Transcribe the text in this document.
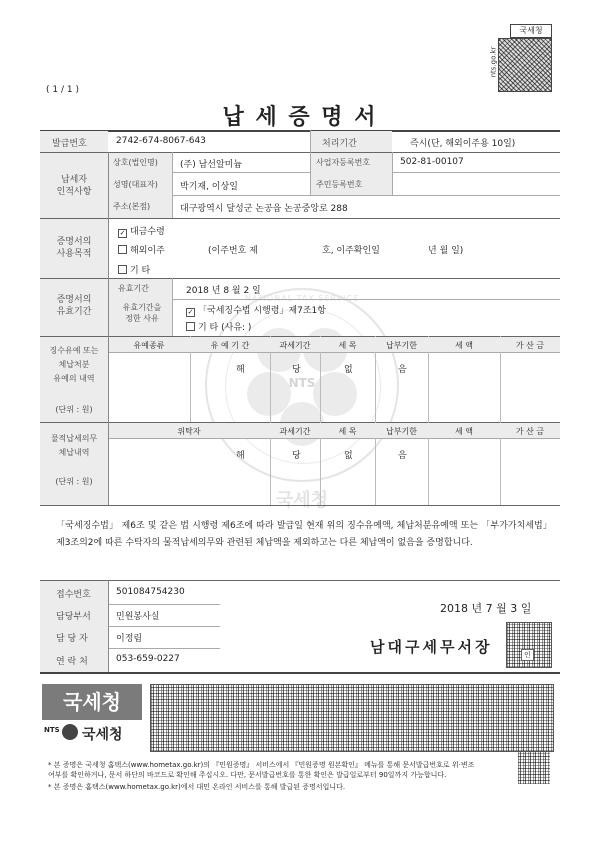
NTS
국세청
NATIONAL TAX SERVICE
( 1 / 1 )
납 세 증 명 서
nts.go.kr
국세청
발급번호	2742-674-8067-643	처리기간	즉시(단, 해외이주용 10일)
납세자
인적사항
상호(법인명) (주) 남선알미늄	사업자등록번호	502-81-00107
성명(대표자) 박기재, 이상일	주민등록번호
주소(본점)	대구광역시 달성군 논공읍 논공중앙로 288
증명서의
사용목적
✓ 대금수령
해외이주	(이주번호 제	호, 이주확인일	년 월 일)
기 타
증명서의
유효기간
유효기간	2018 년 8 월 2 일
유효기간을
정한 사유
✓ 「국세징수법 시행령」제7조1항
기 타 (사유: )
징수유예 또는
체납처분
유예의 내역
(단위 : 원)
유예종류	유 예 기 간	과세기간	세 목	납부기한	세 액	가 산 금
해	당	없	음
물적납세의무
체납내역
(단위 : 원)
위탁자	과세기간	세 목	납부기한	세 액	가 산 금
해	당	없	음
「국세징수법」 제6조 및 같은 법 시행령 제6조에 따라 발급일 현재 위의 징수유예액, 체납처분유예액 또는 「부가가치세법」 제3조의2에 따른 수탁자의 물적납세의무와 관련된 체납액을 제외하고는 다른 체납액이 없음을 증명합니다.
접수번호	501084754230
담당부서	민원봉사실
담 당 자	이정림
연 락 처	053-659-0227
2018 년 7 월 3 일
남대구세무서장	인
국세청
NTS 국세청
* 본 증명은 국세청 홈택스(www.hometax.go.kr)의 『민원증명』 서비스에서 『민원증명 원본확인』 메뉴를 통해 문서발급번호로 위·변조
여부를 확인하거나, 문서 하단의 바코드로 확인해 주십시오. 다만, 문서발급번호를 통한 확인은 발급일로부터 90일까지 가능합니다.
* 본 증명은 홈택스(www.hometax.go.kr)에서 대민 온라인 서비스를 통해 발급된 증명서입니다.
